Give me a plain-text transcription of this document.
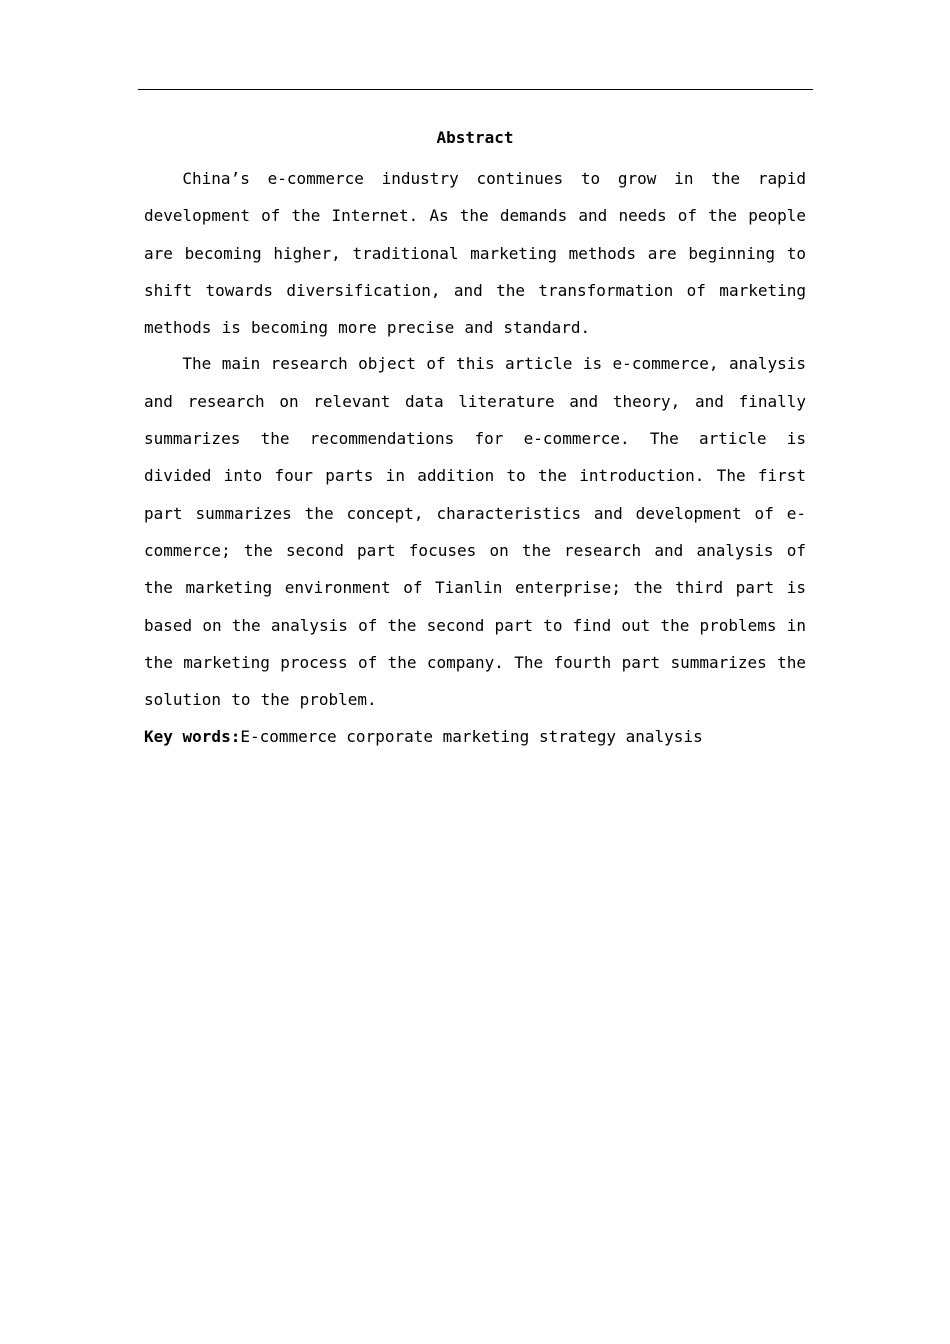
Abstract

China’s e-commerce industry continues to grow in the rapid development of the Internet. As the demands and needs of the people are becoming higher, traditional marketing methods are beginning to shift towards diversification, and the transformation of marketing methods is becoming more precise and standard.

The main research object of this article is e-commerce, analysis and research on relevant data literature and theory, and finally summarizes the recommendations for e-commerce. The article is divided into four parts in addition to the introduction. The first part summarizes the concept, characteristics and development of e-commerce; the second part focuses on the research and analysis of the marketing environment of Tianlin enterprise; the third part is based on the analysis of the second part to find out the problems in the marketing process of the company. The fourth part summarizes the solution to the problem.

Key words:E-commerce corporate marketing strategy analysis
